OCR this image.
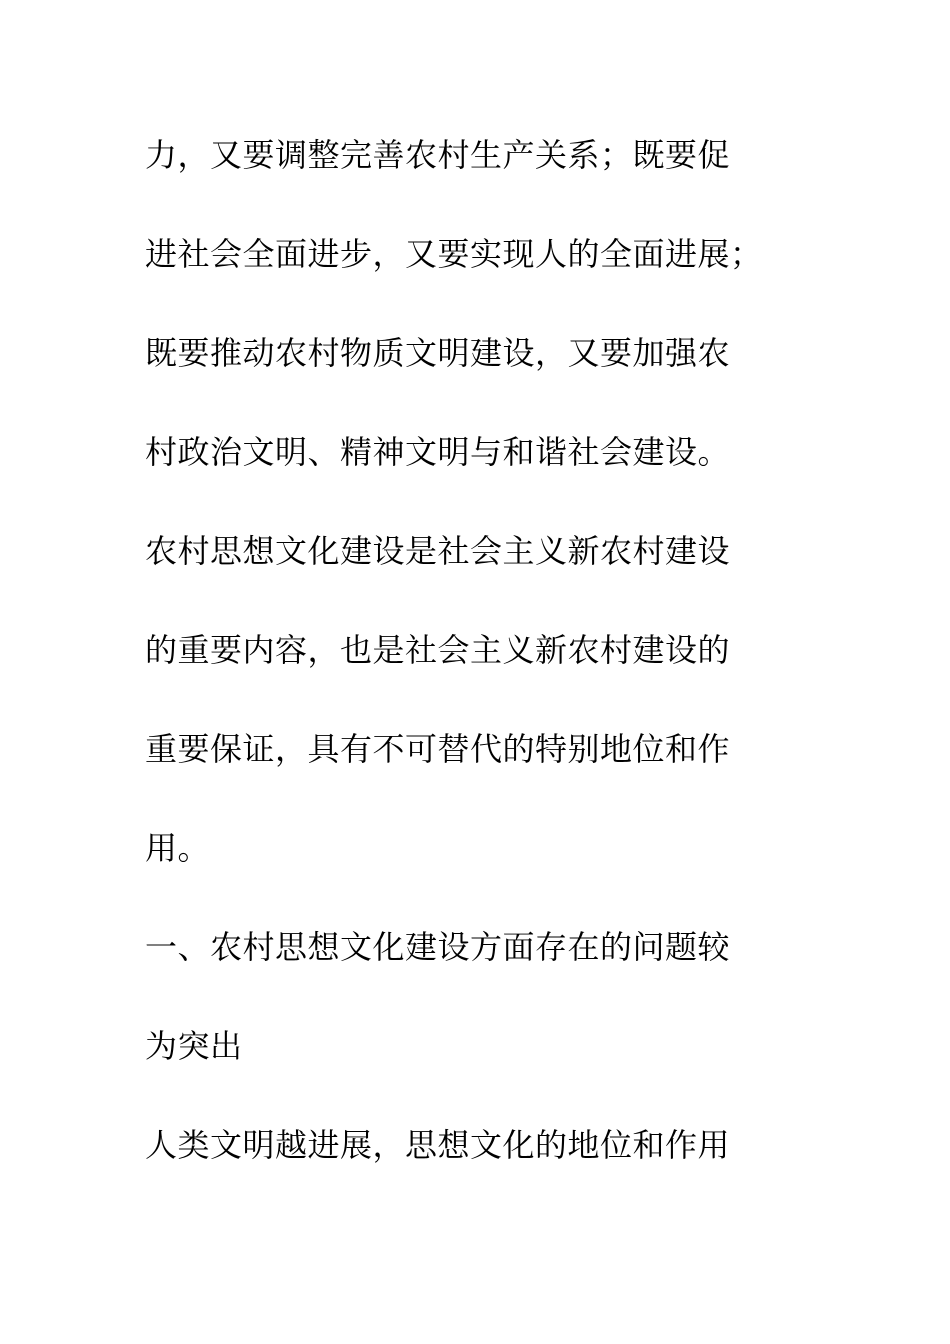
力，又要调整完善农村生产关系；既要促
进社会全面进步，又要实现人的全面进展；
既要推动农村物质文明建设，又要加强农
村政治文明、精神文明与和谐社会建设。
农村思想文化建设是社会主义新农村建设
的重要内容，也是社会主义新农村建设的
重要保证，具有不可替代的特别地位和作
用。
一、农村思想文化建设方面存在的问题较
为突出
人类文明越进展，思想文化的地位和作用
